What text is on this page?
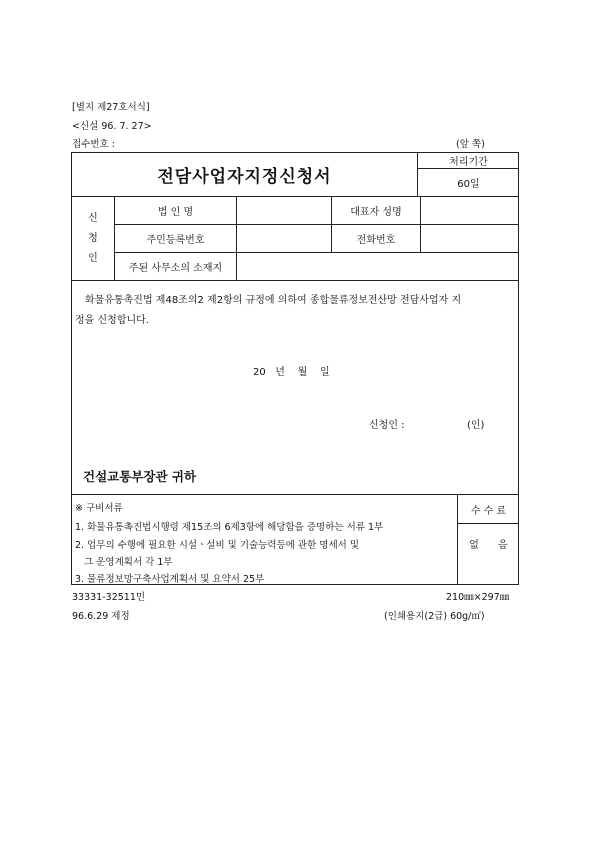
[별지 제27호서식]
<신설 96. 7. 27>
접수번호 :	(앞 쪽)
전담사업자지정신청서
처리기간
60일
신
청
인
법 인 명	대표자 성명
주민등록번호	전화번호
주된 사무소의 소재지
화물유통촉진법 제48조의2 제2항의 규정에 의하여 종합물류정보전산망 전담사업자 지
정을 신청합니다.
20   년    월    일
신청인 :	(인)
건설교통부장관 귀하
※ 구비서류
1. 화물유통촉진법시행령 제15조의 6제3항에 해당함을 증명하는 서류 1부
2. 업무의 수행에 필요한 시설ㆍ설비 및 기술능력등에 관한 명세서 및
그 운영계획서 각 1부
3. 물류정보망구축사업계획서 및 요약서 25부
수 수 료
없      음
33331-32511민	210㎜×297㎜
96.6.29 제정	(인쇄용지(2급) 60g/㎡)
